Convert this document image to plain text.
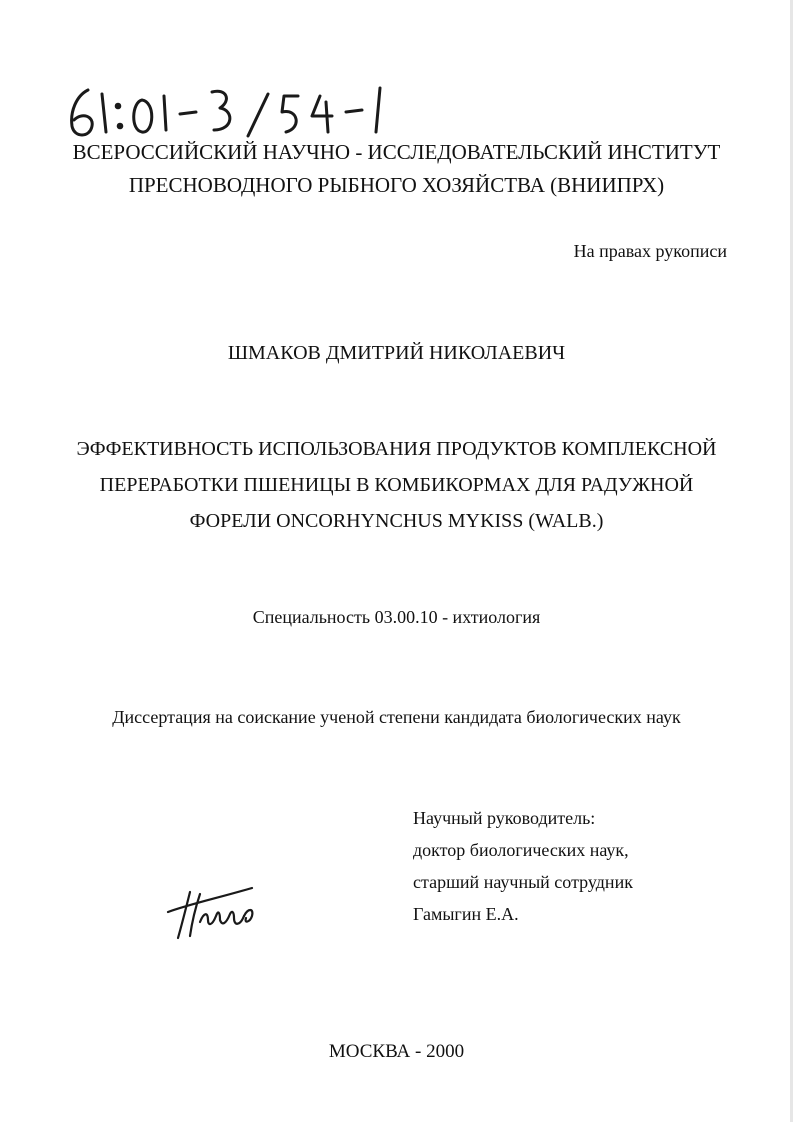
ВСЕРОССИЙСКИЙ НАУЧНО - ИССЛЕДОВАТЕЛЬСКИЙ ИНСТИТУТ
ПРЕСНОВОДНОГО РЫБНОГО ХОЗЯЙСТВА (ВНИИПРХ)
На правах рукописи
ШМАКОВ ДМИТРИЙ НИКОЛАЕВИЧ
ЭФФЕКТИВНОСТЬ ИСПОЛЬЗОВАНИЯ ПРОДУКТОВ КОМПЛЕКСНОЙ
ПЕРЕРАБОТКИ ПШЕНИЦЫ В КОМБИКОРМАХ ДЛЯ РАДУЖНОЙ
ФОРЕЛИ ONCORHYNCHUS MYKISS (WALB.)
Специальность 03.00.10 - ихтиология
Диссертация на соискание ученой степени кандидата биологических наук
Научный руководитель:
доктор биологических наук,
старший научный сотрудник
Гамыгин Е.А.
МОСКВА - 2000
